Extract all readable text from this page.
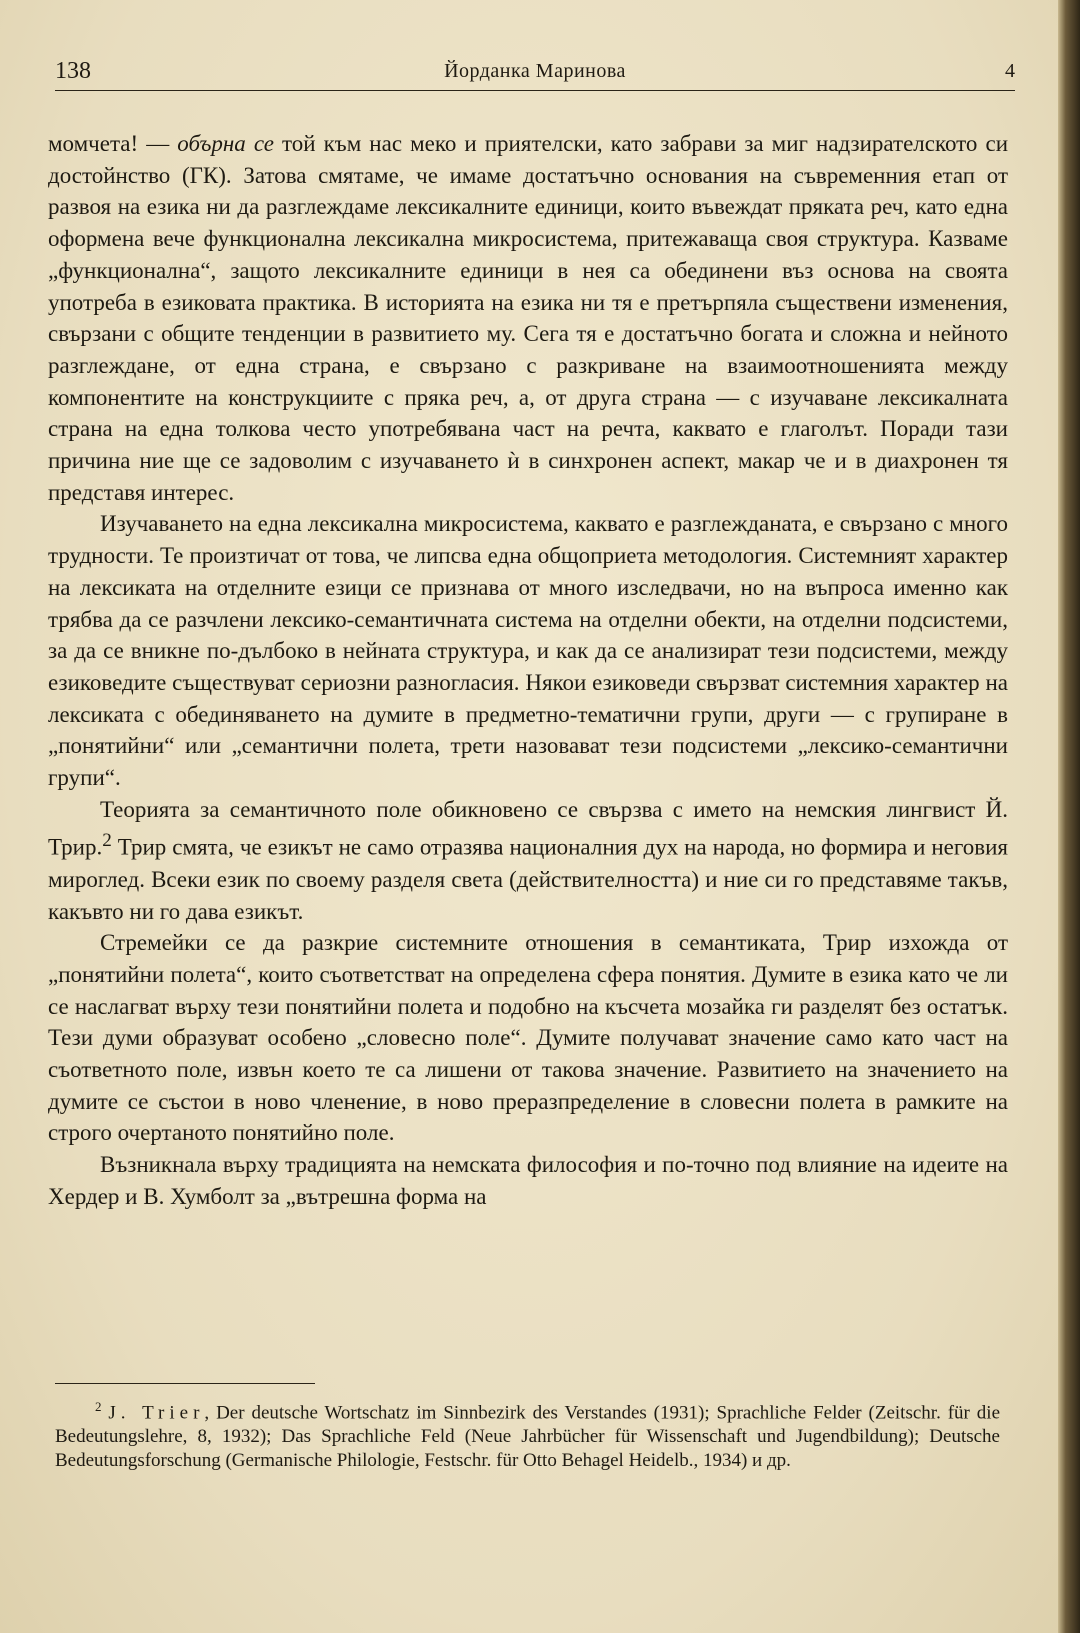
138	Йорданка Маринова	4

момчета! — обърна се той към нас меко и приятелски, като забрави за миг надзирателското си достойнство (ГК). Затова смятаме, че имаме достатъчно основания на съвременния етап от развоя на езика ни да разглеждаме лексикалните единици, които въвеждат пряката реч, като една оформена вече функционална лексикална микросистема, притежаваща своя структура. Казваме „функционална“, защото лексикалните единици в нея са обединени въз основа на своята употреба в езиковата практика. В историята на езика ни тя е претърпяла съществени изменения, свързани с общите тенденции в развитието му. Сега тя е достатъчно богата и сложна и нейното разглеждане, от една страна, е свързано с разкриване на взаимоотношенията между компонентите на конструкциите с пряка реч, а, от друга страна — с изучаване лексикалната страна на една толкова често употребявана част на речта, каквато е глаголът. Поради тази причина ние ще се задоволим с изучаването ѝ в синхронен аспект, макар че и в диахронен тя представя интерес.

Изучаването на една лексикална микросистема, каквато е разглежданата, е свързано с много трудности. Те произтичат от това, че липсва една общоприета методология. Системният характер на лексиката на отделните езици се признава от много изследвачи, но на въпроса именно как трябва да се разчлени лексико-семантичната система на отделни обекти, на отделни подсистеми, за да се вникне по-дълбоко в нейната структура, и как да се анализират тези подсистеми, между езиковедите съществуват сериозни разногласия. Някои езиковеди свързват системния характер на лексиката с обединяването на думите в предметно-тематични групи, други — с групиране в „понятийни“ или „семантични полета, трети назовават тези подсистеми „лексико-семантични групи“.

Теорията за семантичното поле обикновено се свързва с името на немския лингвист Й. Трир.$^2$ Трир смята, че езикът не само отразява националния дух на народа, но формира и неговия мироглед. Всеки език по своему разделя света (действителността) и ние си го представяме такъв, какъвто ни го дава езикът.

Стремейки се да разкрие системните отношения в семантиката, Трир изхожда от „понятийни полета“, които съответстват на определена сфера понятия. Думите в езика като че ли се наслагват върху тези понятийни полета и подобно на късчета мозайка ги разделят без остатък. Тези думи образуват особено „словесно поле“. Думите получават значение само като част на съответното поле, извън което те са лишени от такова значение. Развитието на значението на думите се състои в ново членение, в ново преразпределение в словесни полета в рамките на строго очертаното понятийно поле.

Възникнала върху традицията на немската философия и по-точно под влияние на идеите на Хердер и В. Хумболт за „вътрешна форма на

$^2$ J. Trier, Der deutsche Wortschatz im Sinnbezirk des Verstandes (1931); Sprachliche Felder (Zeitschr. für die Bedeutungslehre, 8, 1932); Das Sprachliche Feld (Neue Jahrbücher für Wissenschaft und Jugendbildung); Deutsche Bedeutungsforschung (Germanische Philologie, Festschr. für Otto Behagel Heidelb., 1934) и др.
